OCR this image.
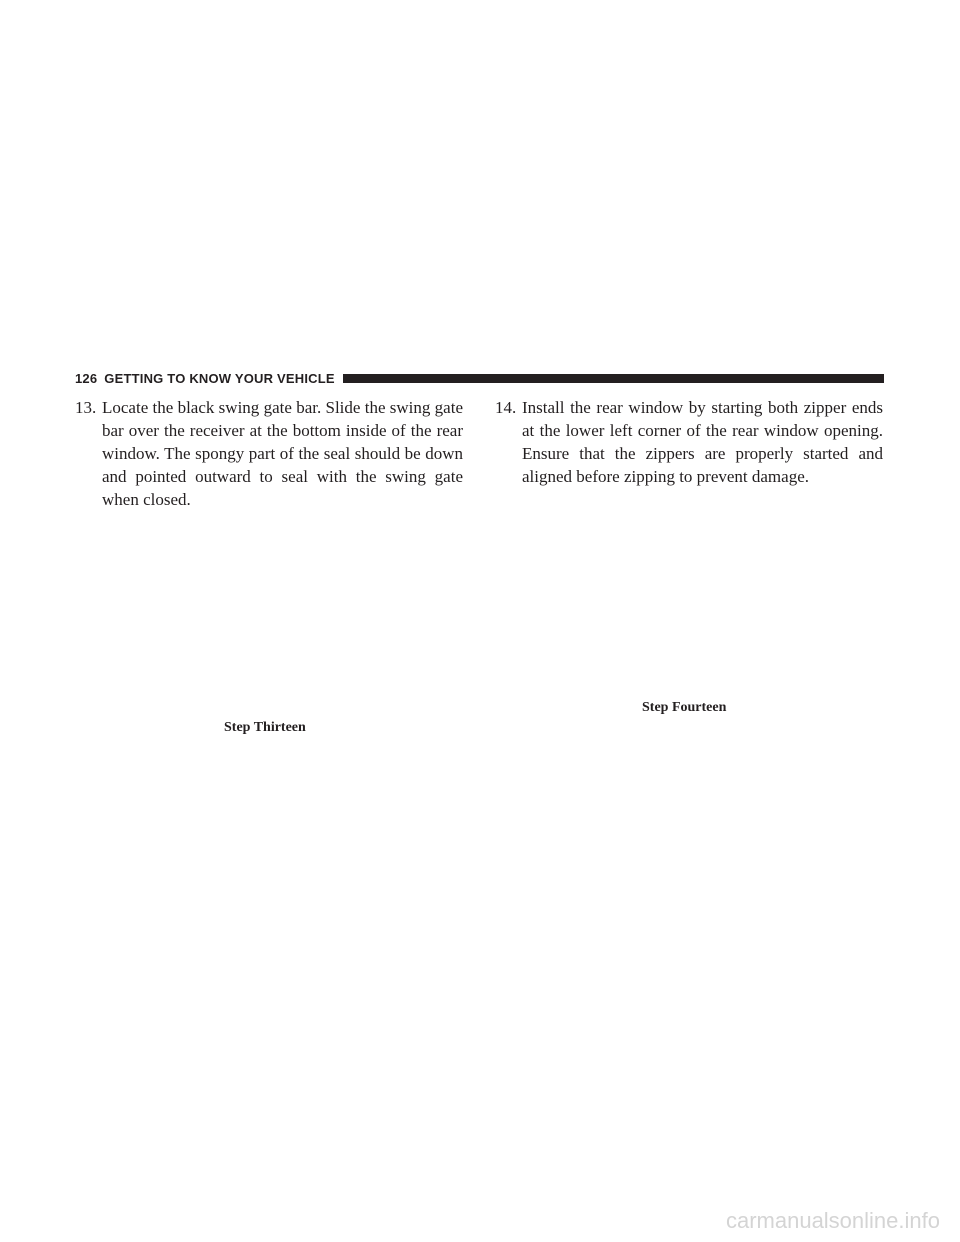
126 GETTING TO KNOW YOUR VEHICLE
13. Locate the black swing gate bar. Slide the swing gate bar over the receiver at the bottom inside of the rear window. The spongy part of the seal should be down and pointed outward to seal with the swing gate when closed.
Step Thirteen
14. Install the rear window by starting both zipper ends at the lower left corner of the rear window opening. Ensure that the zippers are properly started and aligned before zipping to prevent damage.
Step Fourteen
carmanualsonline.info
